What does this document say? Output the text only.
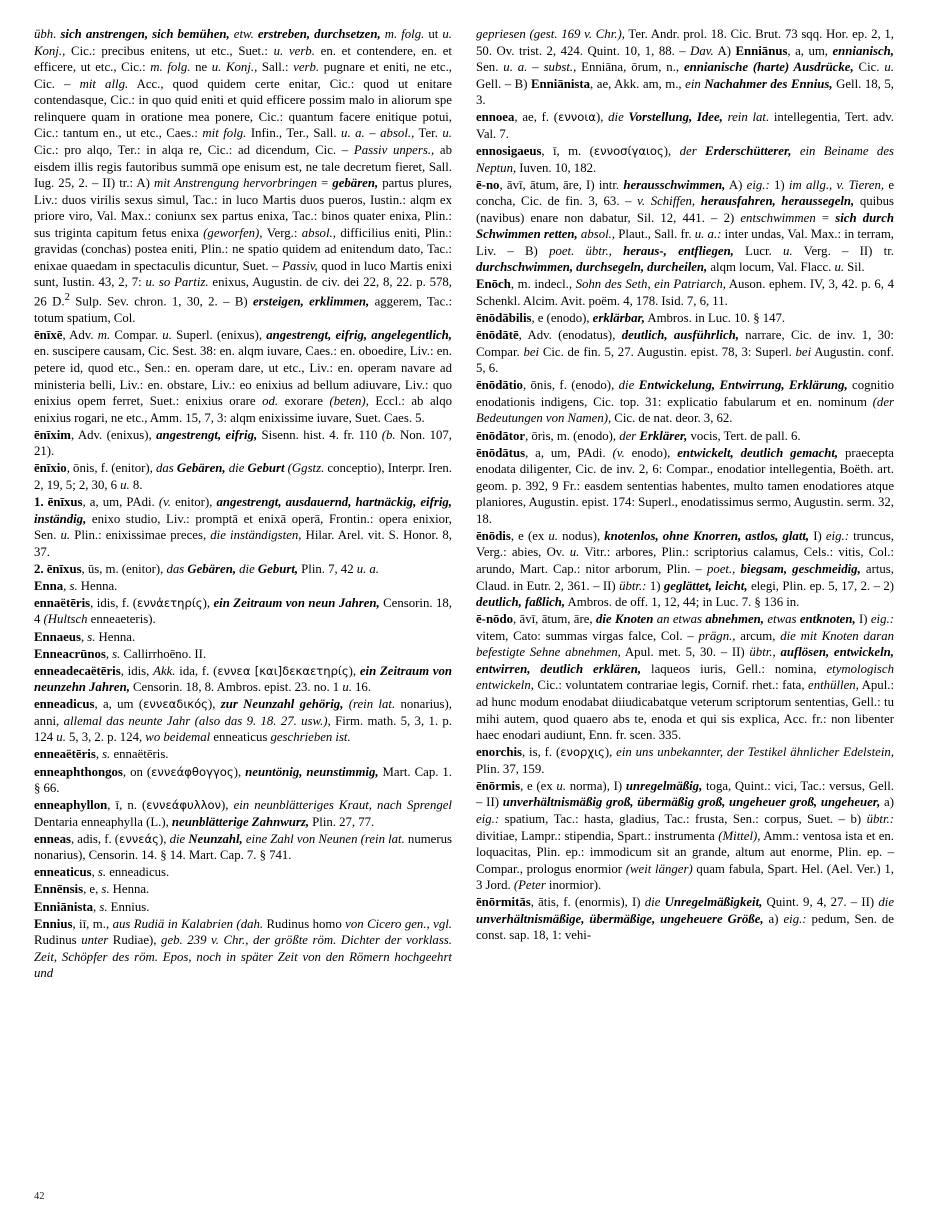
übh. sich anstrengen, sich bemühen, etw. erstreben, durchsetzen, m. folg. ut u. Konj., Cic.: precibus enitens, ut etc., Suet.: u. verb. en. et contendere, en. et efficere, ut etc., Cic.: m. folg. ne u. Konj., Sall.: verb. pugnare et eniti, ne etc., Cic. – mit allg. Acc., quod quidem certe enitar, Cic.: quod ut enitare contendasque, Cic.: in quo quid eniti et quid efficere possim malo in aliorum spe relinquere quam in oratione mea ponere, Cic.: quantum facere enitique potui, Cic.: tantum en., ut etc., Caes.: mit folg. Infin., Ter., Sall. u. a. – absol., Ter. u. Cic.: pro alqo, Ter.: in alqa re, Cic.: ad dicendum, Cic. – Passiv unpers., ab eisdem illis regis fautoribus summā ope enisum est, ne tale decretum fieret, Sall. Iug. 25, 2. – II) tr.: A) mit Anstrengung hervorbringen = gebären, partus plures, Liv.: duos virilis sexus simul, Tac.: in luco Martis duos pueros, Iustin.: alqm ex priore viro, Val. Max.: coniunx sex partus enixa, Tac.: binos quater enixa, Plin.: sus triginta capitum fetus enixa (geworfen), Verg.: absol., difficilius eniti, Plin.: gravidas (conchas) postea eniti, Plin.: ne spatio quidem ad enitendum dato, Tac.: enixae quaedam in spectaculis dicuntur, Suet. – Passiv, quod in luco Martis enixi sunt, Iustin. 43, 2, 7: u. so Partiz. enixus, Augustin. de civ. dei 22, 8, 22. p. 578, 26 D.$^2$ Sulp. Sev. chron. 1, 30, 2. – B) ersteigen, erklimmen, aggerem, Tac.: totum spatium, Col.

ēnīxē, Adv. m. Compar. u. Superl. (enixus), angestrengt, eifrig, angelegentlich, en. suscipere causam, Cic. Sest. 38: en. alqm iuvare, Caes.: en. oboedire, Liv.: en. petere id, quod etc., Sen.: en. operam dare, ut etc., Liv.: en. operam navare ad ministeria belli, Liv.: en. obstare, Liv.: eo enixius ad bellum adiuvare, Liv.: quo enixius opem ferret, Suet.: enixius orare od. exorare (beten), Eccl.: ab alqo enixius rogari, ne etc., Amm. 15, 7, 3: alqm enixissime iuvare, Suet. Caes. 5.

ēnīxim, Adv. (enixus), angestrengt, eifrig, Sisenn. hist. 4. fr. 110 (b. Non. 107, 21).

ēnīxio, ōnis, f. (enitor), das Gebären, die Geburt (Ggstz. conceptio), Interpr. Iren. 2, 19, 5; 2, 30, 6 u. 8.

1. ēnīxus, a, um, PAdi. (v. enitor), angestrengt, ausdauernd, hartnäckig, eifrig, inständig, enixo studio, Liv.: promptā et enixā operā, Frontin.: opera enixior, Sen. u. Plin.: enixissimae preces, die inständigsten, Hilar. Arel. vit. S. Honor. 8, 37.

2. ēnīxus, ūs, m. (enitor), das Gebären, die Geburt, Plin. 7, 42 u. a.

Enna, s. Henna.

ennaëtēris, idis, f. (εννἀετηρίς), ein Zeitraum von neun Jahren, Censorin. 18, 4 (Hultsch enneaeteris).

Ennaeus, s. Henna.

Enneacrūnos, s. Callirrhoēno. II.

enneadecaëtēris, idis, Akk. ida, f. (εννεα [και]δεκαετηρίς), ein Zeitraum von neunzehn Jahren, Censorin. 18, 8. Ambros. epist. 23. no. 1 u. 16.

enneadicus, a, um (εννεαδικός), zur Neunzahl gehörig, (rein lat. nonarius), anni, allemal das neunte Jahr (also das 9. 18. 27. usw.), Firm. math. 5, 3, 1. p. 124 u. 5, 3, 2. p. 124, wo beidemal enneaticus geschrieben ist.

enneaëtēris, s. ennaëtēris.

enneaphthongos, on (εννεάφθογγος), neuntönig, neunstimmig, Mart. Cap. 1. § 66.

enneaphyllon, ī, n. (εννεάφυλλον), ein neunblätteriges Kraut, nach Sprengel Dentaria enneaphylla (L.), neunblätterige Zahnwurz, Plin. 27, 77.

enneas, adis, f. (εννεάς), die Neunzahl, eine Zahl von Neunen (rein lat. numerus nonarius), Censorin. 14. § 14. Mart. Cap. 7. § 741.

enneaticus, s. enneadicus.

Ennēnsis, e, s. Henna.

Enniānista, s. Ennius.

Ennius, iī, m., aus Rudiä in Kalabrien (dah. Rudinus homo von Cicero gen., vgl. Rudinus unter Rudiae), geb. 239 v. Chr., der größte röm. Dichter der vorklass. Zeit, Schöpfer des röm. Epos, noch in später Zeit von den Römern hochgeehrt und

gepriesen (gest. 169 v. Chr.), Ter. Andr. prol. 18. Cic. Brut. 73 sqq. Hor. ep. 2, 1, 50. Ov. trist. 2, 424. Quint. 10, 1, 88. – Dav. A) Enniānus, a, um, ennianisch, Sen. u. a. – subst., Enniāna, ōrum, n., ennianische (harte) Ausdrücke, Cic. u. Gell. – B) Enniānista, ae, Akk. am, m., ein Nachahmer des Ennius, Gell. 18, 5, 3.

ennoea, ae, f. (εννοια), die Vorstellung, Idee, rein lat. intellegentia, Tert. adv. Val. 7.

ennosigaeus, ī, m. (εννοσίγαιος), der Erderschütterer, ein Beiname des Neptun, Iuven. 10, 182.

ē-no, āvī, ātum, āre, I) intr. herausschwimmen, A) eig.: 1) im allg., v. Tieren, e concha, Cic. de fin. 3, 63. – v. Schiffen, herausfahren, heraussegeln, quibus (navibus) enare non dabatur, Sil. 12, 441. – 2) entschwimmen = sich durch Schwimmen retten, absol., Plaut., Sall. fr. u. a.: inter undas, Val. Max.: in terram, Liv. – B) poet. übtr., heraus-, entfliegen, Lucr. u. Verg. – II) tr. durchschwimmen, durchsegeln, durcheilen, alqm locum, Val. Flacc. u. Sil.

Enōch, m. indecl., Sohn des Seth, ein Patriarch, Auson. ephem. IV, 3, 42. p. 6, 4 Schenkl. Alcim. Avit. poëm. 4, 178. Isid. 7, 6, 11.

ēnōdābilis, e (enodo), erklärbar, Ambros. in Luc. 10. § 147.

ēnōdātē, Adv. (enodatus), deutlich, ausführlich, narrare, Cic. de inv. 1, 30: Compar. bei Cic. de fin. 5, 27. Augustin. epist. 78, 3: Superl. bei Augustin. conf. 5, 6.

ēnōdātio, ōnis, f. (enodo), die Entwickelung, Entwirrung, Erklärung, cognitio enodationis indigens, Cic. top. 31: explicatio fabularum et en. nominum (der Bedeutungen von Namen), Cic. de nat. deor. 3, 62.

ēnōdātor, ōris, m. (enodo), der Erklärer, vocis, Tert. de pall. 6.

ēnōdātus, a, um, PAdi. (v. enodo), entwickelt, deutlich gemacht, praecepta enodata diligenter, Cic. de inv. 2, 6: Compar., enodatior intellegentia, Boëth. art. geom. p. 392, 9 Fr.: easdem sententias habentes, multo tamen enodatiores atque planiores, Augustin. epist. 174: Superl., enodatissimus sermo, Augustin. serm. 32, 18.

ēnōdis, e (ex u. nodus), knotenlos, ohne Knorren, astlos, glatt, I) eig.: truncus, Verg.: abies, Ov. u. Vitr.: arbores, Plin.: scriptorius calamus, Cels.: vitis, Col.: arundo, Mart. Cap.: nitor arborum, Plin. – poet., biegsam, geschmeidig, artus, Claud. in Eutr. 2, 361. – II) übtr.: 1) geglättet, leicht, elegi, Plin. ep. 5, 17, 2. – 2) deutlich, faßlich, Ambros. de off. 1, 12, 44; in Luc. 7. § 136 in.

ē-nōdo, āvī, ātum, āre, die Knoten an etwas abnehmen, etwas entknoten, I) eig.: vitem, Cato: summas virgas falce, Col. – prägn., arcum, die mit Knoten daran befestigte Sehne abnehmen, Apul. met. 5, 30. – II) übtr., auflösen, entwickeln, entwirren, deutlich erklären, laqueos iuris, Gell.: nomina, etymologisch entwickeln, Cic.: voluntatem contrariae legis, Cornif. rhet.: fata, enthüllen, Apul.: ad hunc modum enodabat diiudicabatque veterum scriptorum sententias, Gell.: tu mihi autem, quod quaero abs te, enoda et qui sis explica, Acc. fr.: non libenter haec enodari audiunt, Enn. fr. scen. 335.

enorchis, is, f. (ενορχις), ein uns unbekannter, der Testikel ähnlicher Edelstein, Plin. 37, 159.

ēnōrmis, e (ex u. norma), I) unregelmäßig, toga, Quint.: vici, Tac.: versus, Gell. – II) unverhältnismäßig groß, übermäßig groß, ungeheuer groß, ungeheuer, a) eig.: spatium, Tac.: hasta, gladius, Tac.: frusta, Sen.: corpus, Suet. – b) übtr.: divitiae, Lampr.: stipendia, Spart.: instrumenta (Mittel), Amm.: ventosa ista et en. loquacitas, Plin. ep.: immodicum sit an grande, altum aut enorme, Plin. ep. – Compar., prologus enormior (weit länger) quam fabula, Spart. Hel. (Ael. Ver.) 1, 3 Jord. (Peter inormior).

ēnōrmitās, ātis, f. (enormis), I) die Unregelmäßigkeit, Quint. 9, 4, 27. – II) die unverhältnismäßige, übermäßige, ungeheuere Größe, a) eig.: pedum, Sen. de const. sap. 18, 1: vehi-

42
